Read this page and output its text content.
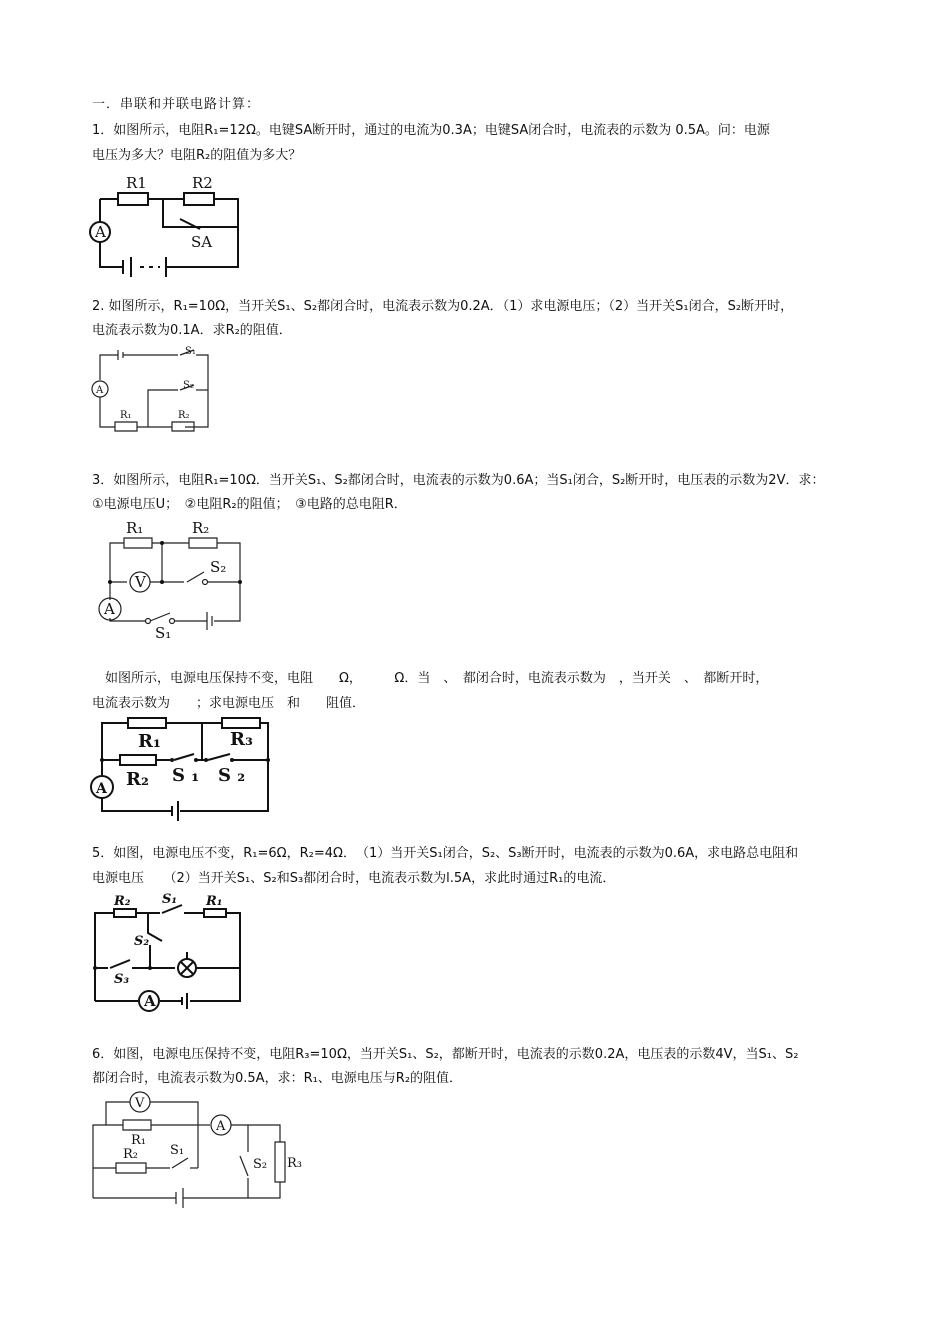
一．串联和并联电路计算：
1．如图所示，电阻R₁=12Ω。电键SA断开时，通过的电流为0.3A；电键SA闭合时，电流表的示数为 0.5A。问：电源
电压为多大？电阻R₂的阻值为多大？
A
R1	R2
SA
2. 如图所示，R₁=10Ω，当开关S₁、S₂都闭合时，电流表示数为0.2A．（1）求电源电压；（2）当开关S₁闭合，S₂断开时，
电流表示数为0.1A．求R₂的阻值．
A
S₁
S₂
R₁	R₂
3．如图所示，电阻R₁=10Ω．当开关S₁、S₂都闭合时，电流表的示数为0.6A；当S₁闭合，S₂断开时，电压表的示数为2V．求：
①电源电压U；　②电阻R₂的阻值；　③电路的总电阻R．
A
V
R₁	R₂
S₂
S₁
　如图所示，电源电压保持不变，电阻　　Ω，　　　Ω．当　、　都闭合时，电流表示数为　，当开关　、　都断开时，
电流表示数为　　；求电源电压　和　　阻值．
A
R₁	R₃
R₂ S ₁ S ₂
5．如图，电源电压不变，R₁=6Ω，R₂=4Ω．　（1）当开关S₁闭合，S₂、S₃断开时，电流表的示数为0.6A，求电路总电阻和
电源电压　　（2）当开关S₁、S₂和S₃都闭合时，电流表示数为l.5A，求此时通过R₁的电流．
A
R₂ S₁ R₁
S₂
S₃
6．如图，电源电压保持不变，电阻R₃=10Ω，当开关S₁、S₂，都断开时，电流表的示数0.2A，电压表的示数4V，当S₁、S₂
都闭合时，电流表示数为0.5A，求：R₁、电源电压与R₂的阻值．
V
A
R₁
R₂ S₁
S₂ R₃
